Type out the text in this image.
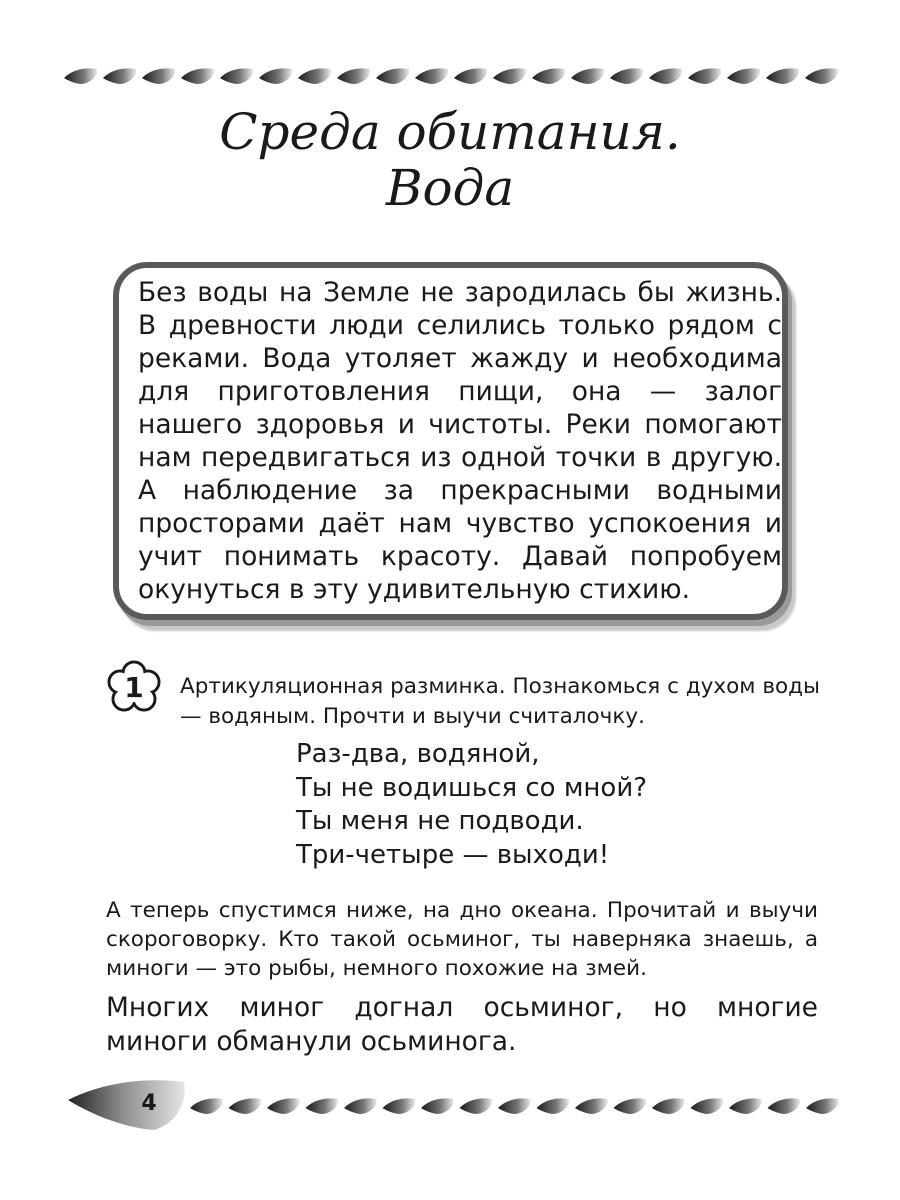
Среда обитания.
Вода

Без воды на Земле не зародилась бы жизнь. В древности люди селились только рядом с реками. Вода утоляет жажду и необходима для приготовления пищи, она — залог нашего здоровья и чистоты. Реки помогают нам передвигаться из одной точки в другую. А наблюдение за прекрасными водными просторами даёт нам чувство успокоения и учит понимать красоту. Давай попробуем окунуться в эту удивительную стихию.

1	Артикуляционная разминка. Познакомься с духом воды — водяным. Прочти и выучи считалочку.

Раз-два, водяной,
Ты не водишься со мной?
Ты меня не подводи.
Три-четыре — выходи!

А теперь спустимся ниже, на дно океана. Прочитай и выучи скороговорку. Кто такой осьминог, ты наверняка знаешь, а миноги — это рыбы, немного похожие на змей.

Многих миног догнал осьминог, но многие миноги обманули осьминога.

4
